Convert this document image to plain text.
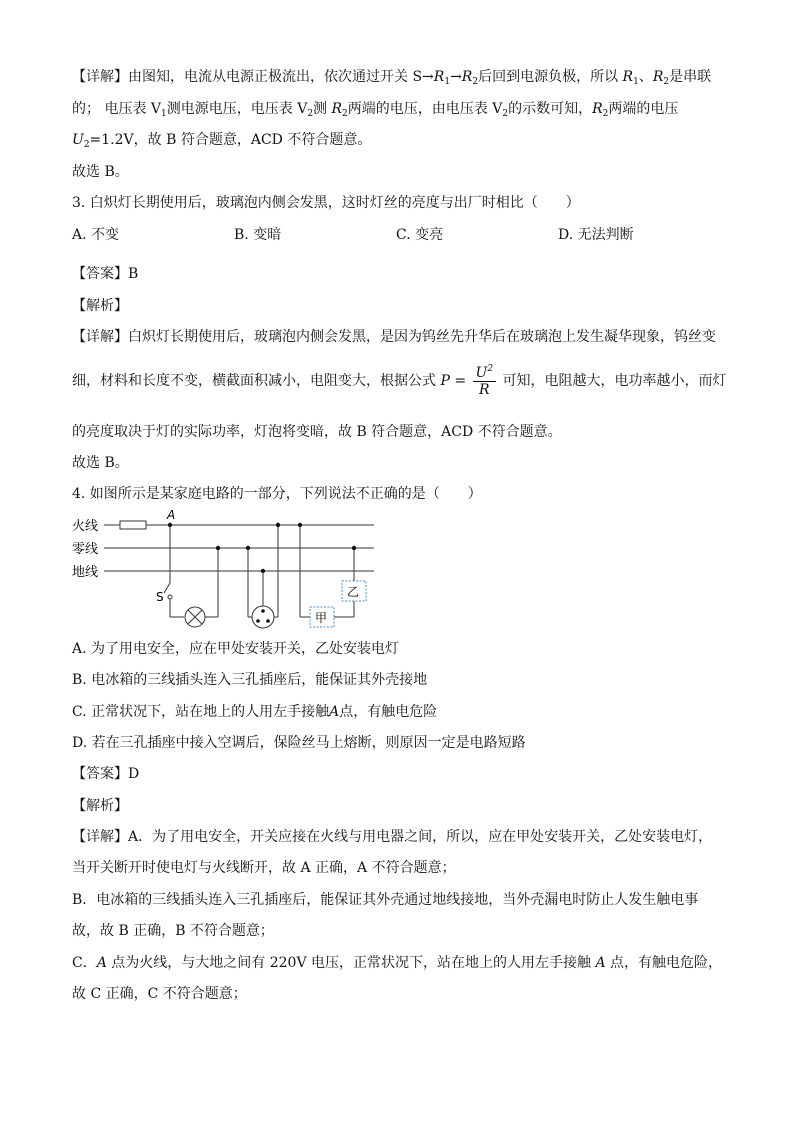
【详解】由图知，电流从电源正极流出，依次通过开关 $S\to R_1\to R_2$后回到电源负极，所以 $R_1$、$R_2$是串联
的； 电压表 $V_1$测电源电压，电压表 $V_2$测 $R_2$两端的电压，由电压表 $V_2$的示数可知，$R_2$两端的电压
$U_2=1.2V$，故 B 符合题意，ACD 不符合题意。
故选 B。
3. 白炽灯长期使用后，玻璃泡内侧会发黑，这时灯丝的亮度与出厂时相比（　　）
A. 不变	B. 变暗	C. 变亮	D. 无法判断
【答案】B
【解析】
【详解】白炽灯长期使用后，玻璃泡内侧会发黑，是因为钨丝先升华后在玻璃泡上发生凝华现象，钨丝变
细，材料和长度不变，横截面积减小，电阻变大，根据公式 $P = \frac{U^2}{R}$ 可知，电阻越大，电功率越小，而灯
的亮度取决于灯的实际功率，灯泡将变暗，故 B 符合题意，ACD 不符合题意。
故选 B。
4. 如图所示是某家庭电路的一部分，下列说法不正确的是（　　）
火线
零线
地线
A
S
甲
乙
A. 为了用电安全，应在甲处安装开关，乙处安装电灯
B. 电冰箱的三线插头连入三孔插座后，能保证其外壳接地
C. 正常状况下，站在地上的人用左手接触A点，有触电危险
D. 若在三孔插座中接入空调后，保险丝马上熔断，则原因一定是电路短路
【答案】D
【解析】
【详解】A．为了用电安全，开关应接在火线与用电器之间，所以，应在甲处安装开关，乙处安装电灯，
当开关断开时使电灯与火线断开，故 A 正确，A 不符合题意；
B．电冰箱的三线插头连入三孔插座后，能保证其外壳通过地线接地，当外壳漏电时防止人发生触电事
故，故 B 正确，B 不符合题意；
C．A 点为火线，与大地之间有 220V 电压，正常状况下，站在地上的人用左手接触 A 点，有触电危险，
故 C 正确，C 不符合题意；
